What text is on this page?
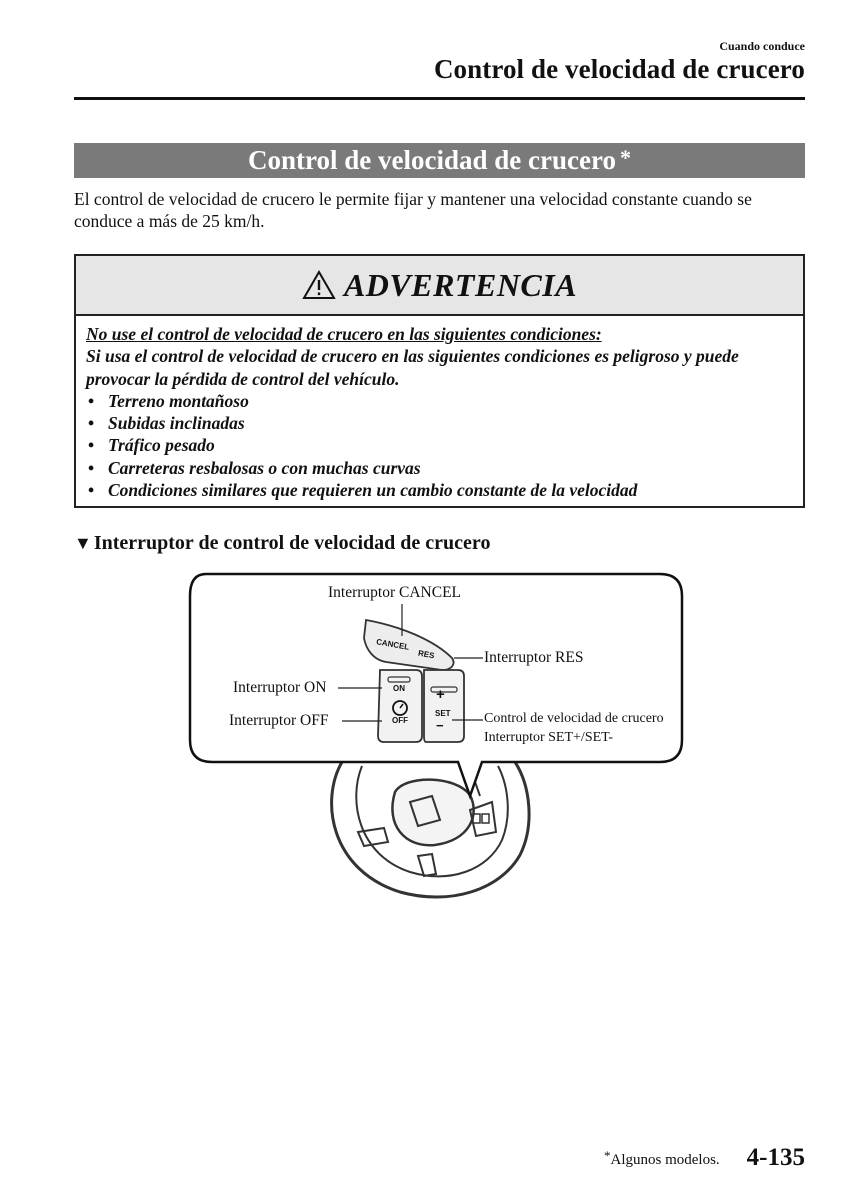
Cuando conduce
Control de velocidad de crucero
Control de velocidad de crucero *
El control de velocidad de crucero le permite fijar y mantener una velocidad constante cuando se conduce a más de 25 km/h.
ADVERTENCIA
No use el control de velocidad de crucero en las siguientes condiciones:
Si usa el control de velocidad de crucero en las siguientes condiciones es peligroso y puede provocar la pérdida de control del vehículo.
• Terreno montañoso
• Subidas inclinadas
• Tráfico pesado
• Carreteras resbalosas o con muchas curvas
• Condiciones similares que requieren un cambio constante de la velocidad
▼ Interruptor de control de velocidad de crucero
CANCEL
RES
ON
OFF
+
SET
−
Interruptor CANCEL
Interruptor RES
Interruptor ON
Interruptor OFF	Control de velocidad de crucero
Interruptor SET+/SET-
*Algunos modelos. 4-135
